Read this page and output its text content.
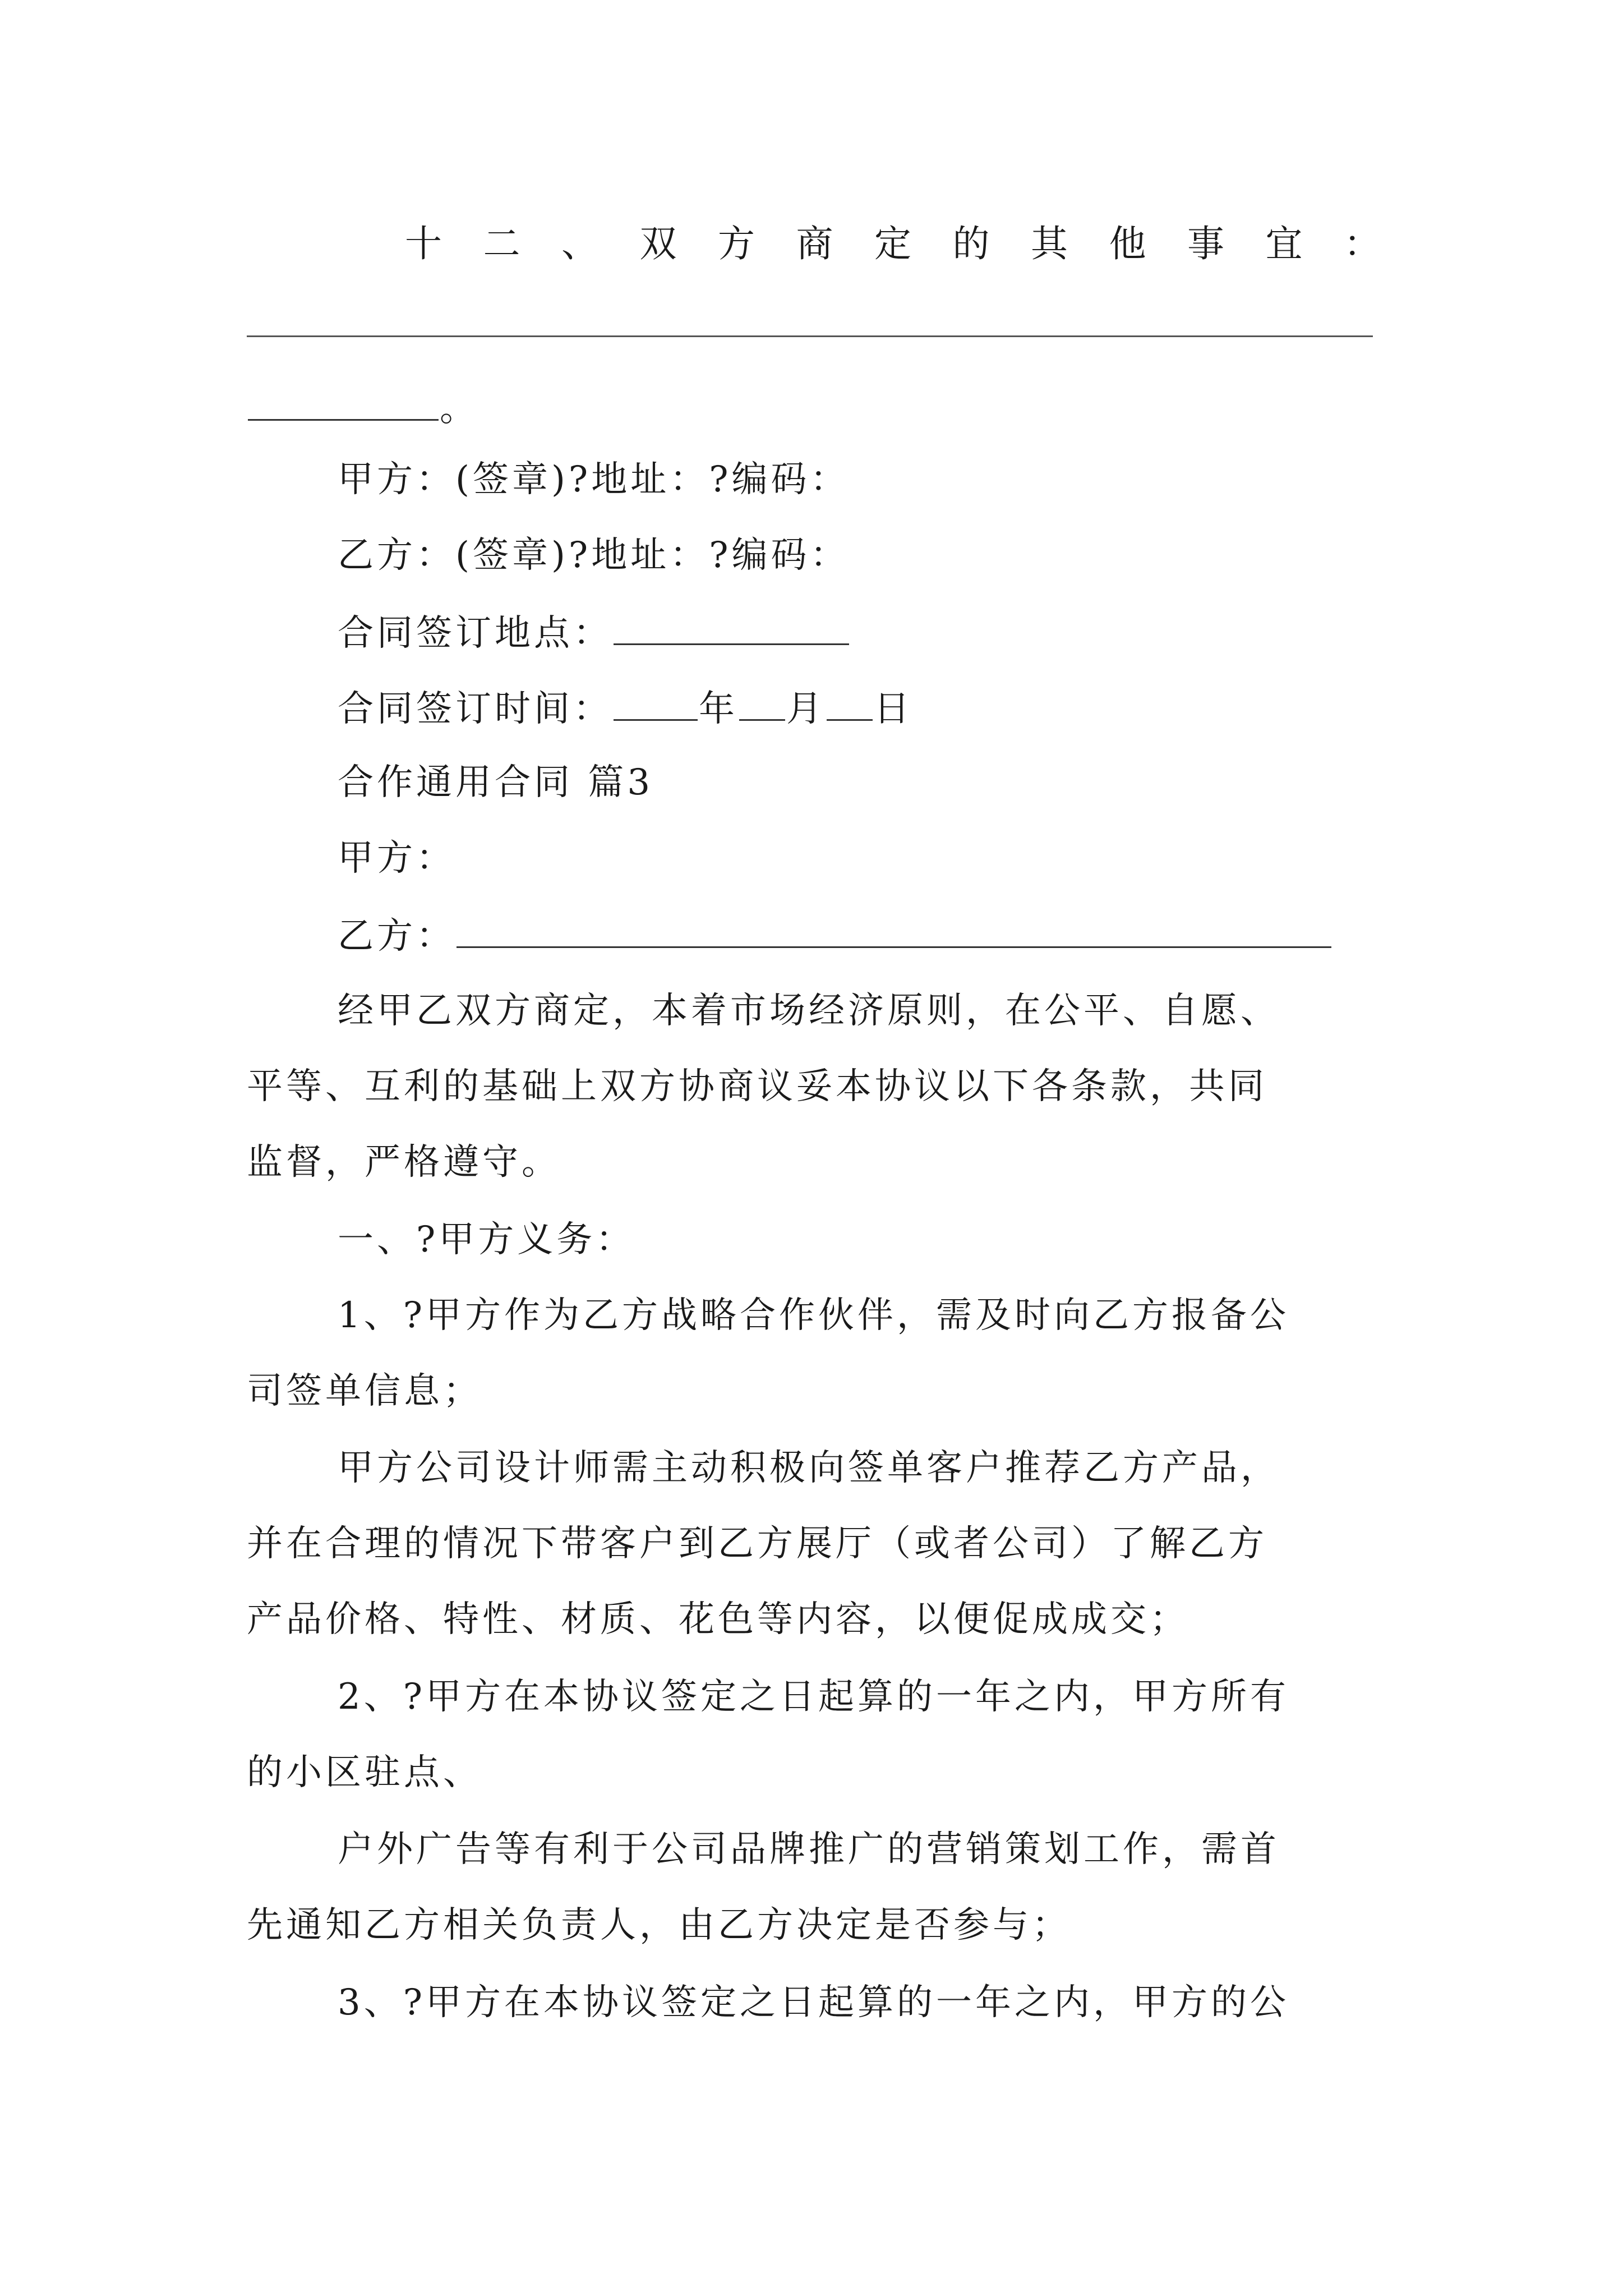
十 二 、 双 方 商 定 的 其 他 事 宜 ：
。
甲方：(签章)?地址：?编码：
乙方：(签章)?地址：?编码：
合同签订地点：
合同签订时间： 年 月 日
合作通用合同 篇3
甲方：
乙方：
经甲乙双方商定，本着市场经济原则，在公平、自愿、
平等、互利的基础上双方协商议妥本协议以下各条款，共同
监督，严格遵守。
一、?甲方义务：
1、?甲方作为乙方战略合作伙伴，需及时向乙方报备公
司签单信息；
甲方公司设计师需主动积极向签单客户推荐乙方产品，
并在合理的情况下带客户到乙方展厅（或者公司）了解乙方
产品价格、特性、材质、花色等内容，以便促成成交；
2、?甲方在本协议签定之日起算的一年之内，甲方所有
的小区驻点、
户外广告等有利于公司品牌推广的营销策划工作，需首
先通知乙方相关负责人，由乙方决定是否参与；
3、?甲方在本协议签定之日起算的一年之内，甲方的公
